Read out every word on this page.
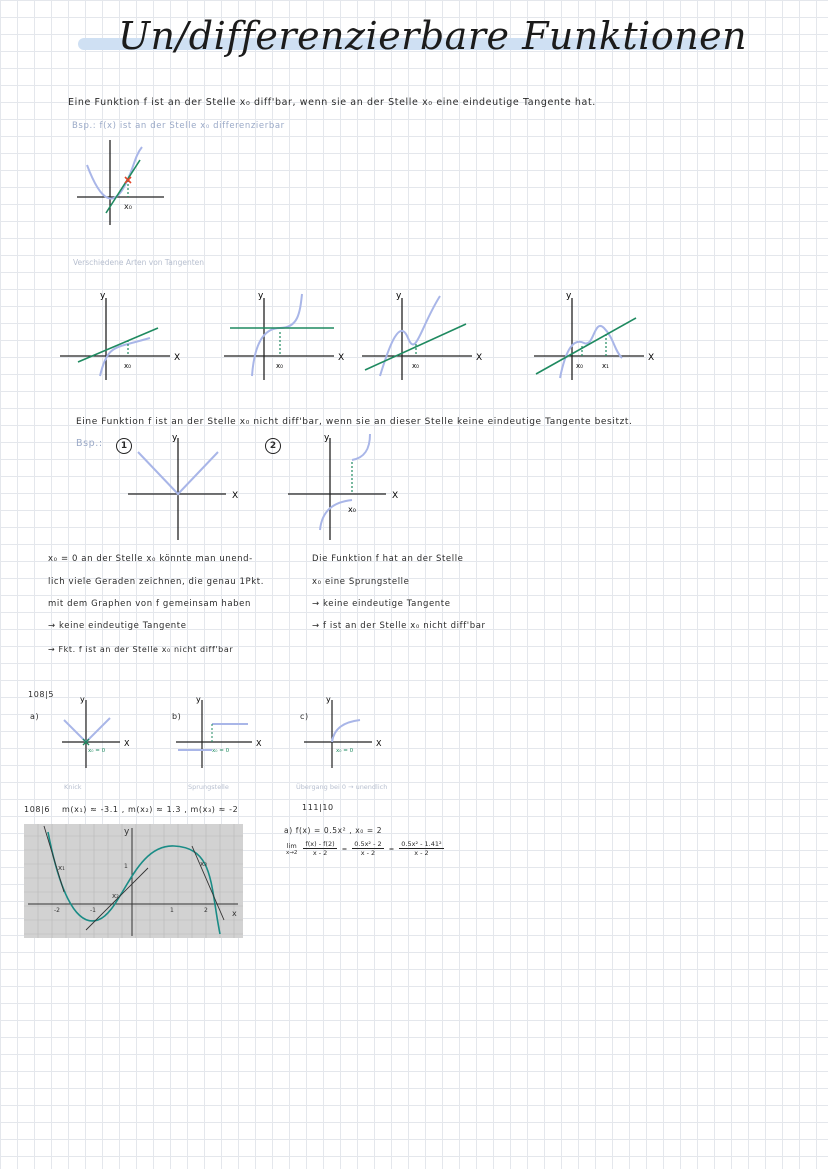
Un/differenzierbare Funktionen
Eine Funktion f ist an der Stelle x₀ diff'bar, wenn sie an der Stelle x₀ eine eindeutige Tangente hat.
Bsp.: f(x) ist an der Stelle x₀ differenzierbar
x₀
Verschiedene Arten von Tangenten
y
X
x₀
y
X
x₀
y
X
x₀
y
X
x₀	x₁
Eine Funktion f ist an der Stelle x₀ nicht diff'bar, wenn sie an dieser Stelle keine eindeutige Tangente besitzt.
Bsp.:	1	2
y
X
y
X
x₀
x₀ = 0 an der Stelle x₀ könnte man unend-
lich viele Geraden zeichnen, die genau 1Pkt.
mit dem Graphen von f gemeinsam haben
→ keine eindeutige Tangente
→ Fkt. f ist an der Stelle x₀ nicht diff'bar
Die Funktion f hat an der Stelle
x₀ eine Sprungstelle
→ keine eindeutige Tangente
→ f ist an der Stelle x₀ nicht diff'bar
108|5
a)	b)	c)
y
X
x₀ = 0
y
X
x₀ = 0
y
X
x₀ = 0
Knick	Sprungstelle	Übergang bei 0 → unendlich
108|6 m(x₁) ≈ -3.1 , m(x₂) ≈ 1.3 , m(x₃) ≈ -2
y
x
-2	-1	1	2
1
x₁
x₂
x₃
111|10
a) f(x) = 0.5x² , x₀ = 2
lim
x→2
$\frac{f(x) - f(2)}{x - 2} = \frac{\text{0.5x² - 2}}{x - 2} = \frac{\text{0.5x² - 1.41²}}{x - 2}$
